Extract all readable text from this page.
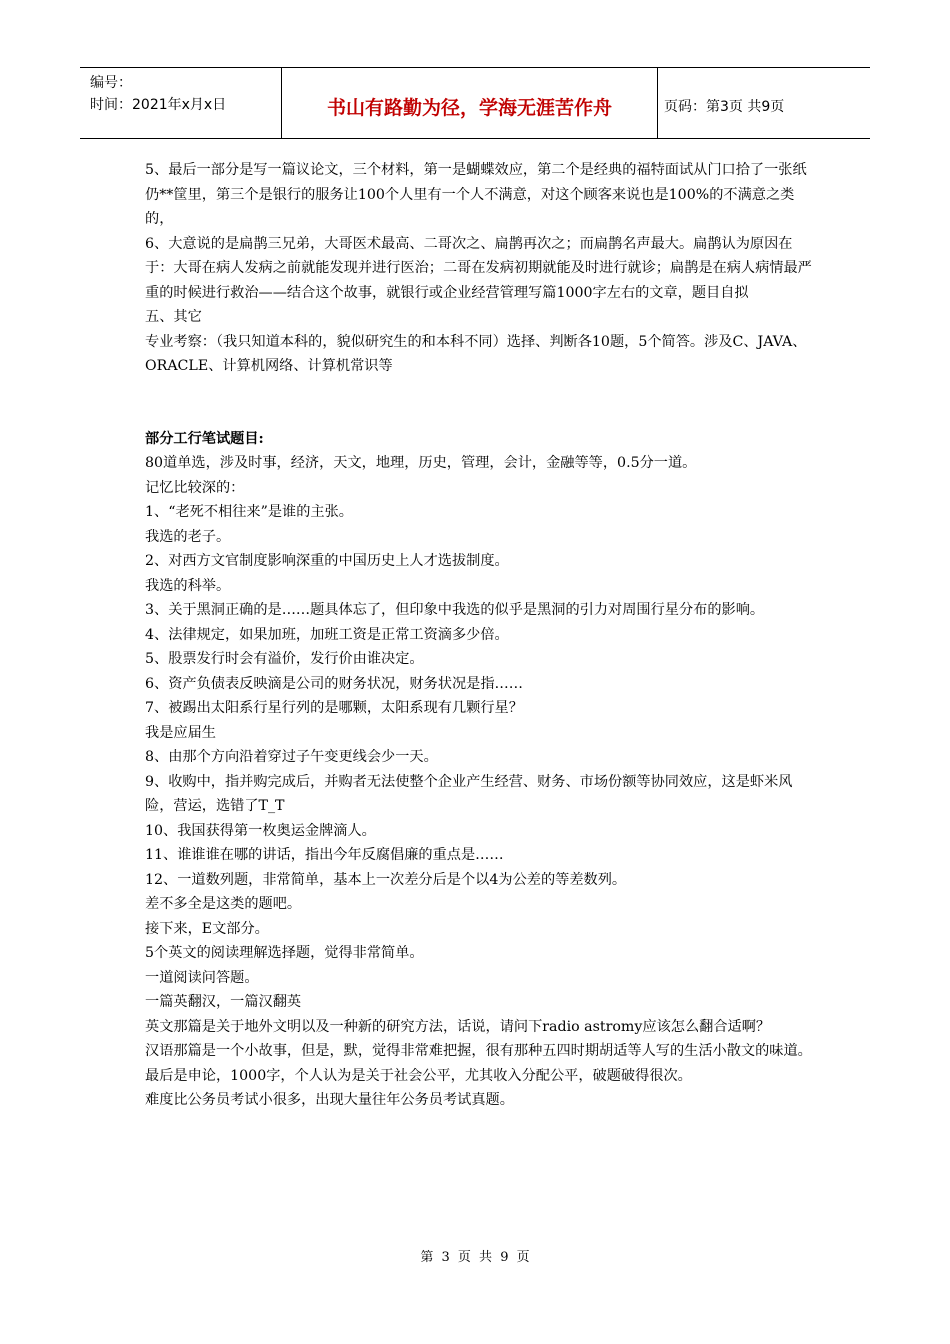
编号：
时间：2021年x月x日	书山有路勤为径，学海无涯苦作舟	页码：第3页 共9页

5、最后一部分是写一篇议论文，三个材料，第一是蝴蝶效应，第二个是经典的福特面试从门口拾了一张纸仍**筐里，第三个是银行的服务让100个人里有一个人不满意，对这个顾客来说也是100%的不满意之类的，

6、大意说的是扁鹊三兄弟，大哥医术最高、二哥次之、扁鹊再次之；而扁鹊名声最大。扁鹊认为原因在于：大哥在病人发病之前就能发现并进行医治；二哥在发病初期就能及时进行就诊；扁鹊是在病人病情最严重的时候进行救治——结合这个故事，就银行或企业经营管理写篇1000字左右的文章，题目自拟

五、其它

专业考察：（我只知道本科的，貌似研究生的和本科不同）选择、判断各10题，5个简答。涉及C、JAVA、ORACLE、计算机网络、计算机常识等

部分工行笔试题目:

80道单选，涉及时事，经济，天文，地理，历史，管理，会计，金融等等，0.5分一道。

记忆比较深的：

1、“老死不相往来”是谁的主张。

我选的老子。

2、对西方文官制度影响深重的中国历史上人才选拔制度。

我选的科举。

3、关于黑洞正确的是……题具体忘了，但印象中我选的似乎是黑洞的引力对周围行星分布的影响。

4、法律规定，如果加班，加班工资是正常工资滴多少倍。

5、股票发行时会有溢价，发行价由谁决定。

6、资产负债表反映滴是公司的财务状况，财务状况是指……

7、被踢出太阳系行星行列的是哪颗，太阳系现有几颗行星？

我是应届生

8、由那个方向沿着穿过子午变更线会少一天。

9、收购中，指并购完成后，并购者无法使整个企业产生经营、财务、市场份额等协同效应，这是虾米风险，营运，选错了T_T

10、我国获得第一枚奥运金牌滴人。

11、谁谁谁在哪的讲话，指出今年反腐倡廉的重点是……

12、一道数列题，非常简单，基本上一次差分后是个以4为公差的等差数列。

差不多全是这类的题吧。

接下来，E文部分。

5个英文的阅读理解选择题，觉得非常简单。

一道阅读问答题。

一篇英翻汉，一篇汉翻英

英文那篇是关于地外文明以及一种新的研究方法，话说，请问下radio astromy应该怎么翻合适啊？

汉语那篇是一个小故事，但是，默，觉得非常难把握，很有那种五四时期胡适等人写的生活小散文的味道。

最后是申论，1000字，个人认为是关于社会公平，尤其收入分配公平，破题破得很次。

难度比公务员考试小很多，出现大量往年公务员考试真题。

第 3 页 共 9 页
